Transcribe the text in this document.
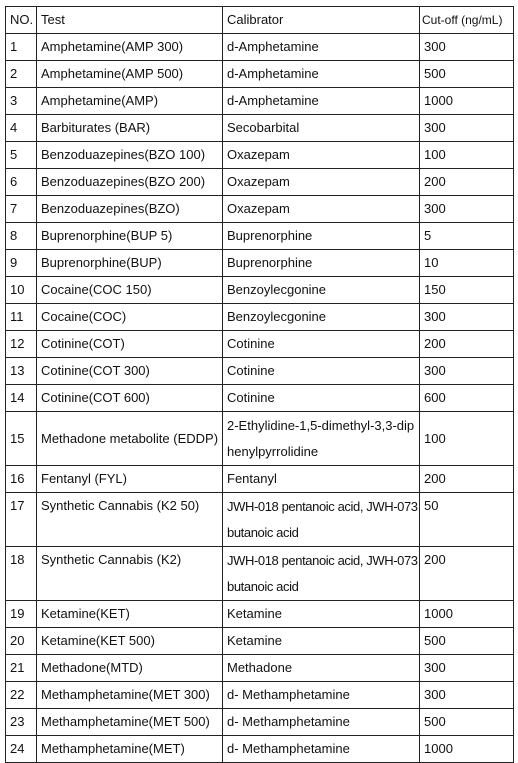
NO.	Test	Calibrator	Cut-off (ng/mL)
1	Amphetamine(AMP 300)	d-Amphetamine	300
2	Amphetamine(AMP 500)	d-Amphetamine	500
3	Amphetamine(AMP)	d-Amphetamine	1000
4	Barbiturates (BAR)	Secobarbital	300
5	Benzoduazepines(BZO 100)	Oxazepam	100
6	Benzoduazepines(BZO 200)	Oxazepam	200
7	Benzoduazepines(BZO)	Oxazepam	300
8	Buprenorphine(BUP 5)	Buprenorphine	5
9	Buprenorphine(BUP)	Buprenorphine	10
10	Cocaine(COC 150)	Benzoylecgonine	150
11	Cocaine(COC)	Benzoylecgonine	300
12	Cotinine(COT)	Cotinine	200
13	Cotinine(COT 300)	Cotinine	300
14	Cotinine(COT 600)	Cotinine	600
15	Methadone metabolite (EDDP)	2-Ethylidine-1,5-dimethyl-3,3-diphenylpyrrolidine	100
16	Fentanyl (FYL)	Fentanyl	200
17	Synthetic Cannabis (K2 50)	JWH-018 pentanoic acid, JWH-073 butanoic acid	50
18	Synthetic Cannabis (K2)	JWH-018 pentanoic acid, JWH-073 butanoic acid	200
19	Ketamine(KET)	Ketamine	1000
20	Ketamine(KET 500)	Ketamine	500
21	Methadone(MTD)	Methadone	300
22	Methamphetamine(MET 300)	d- Methamphetamine	300
23	Methamphetamine(MET 500)	d- Methamphetamine	500
24	Methamphetamine(MET)	d- Methamphetamine	1000
